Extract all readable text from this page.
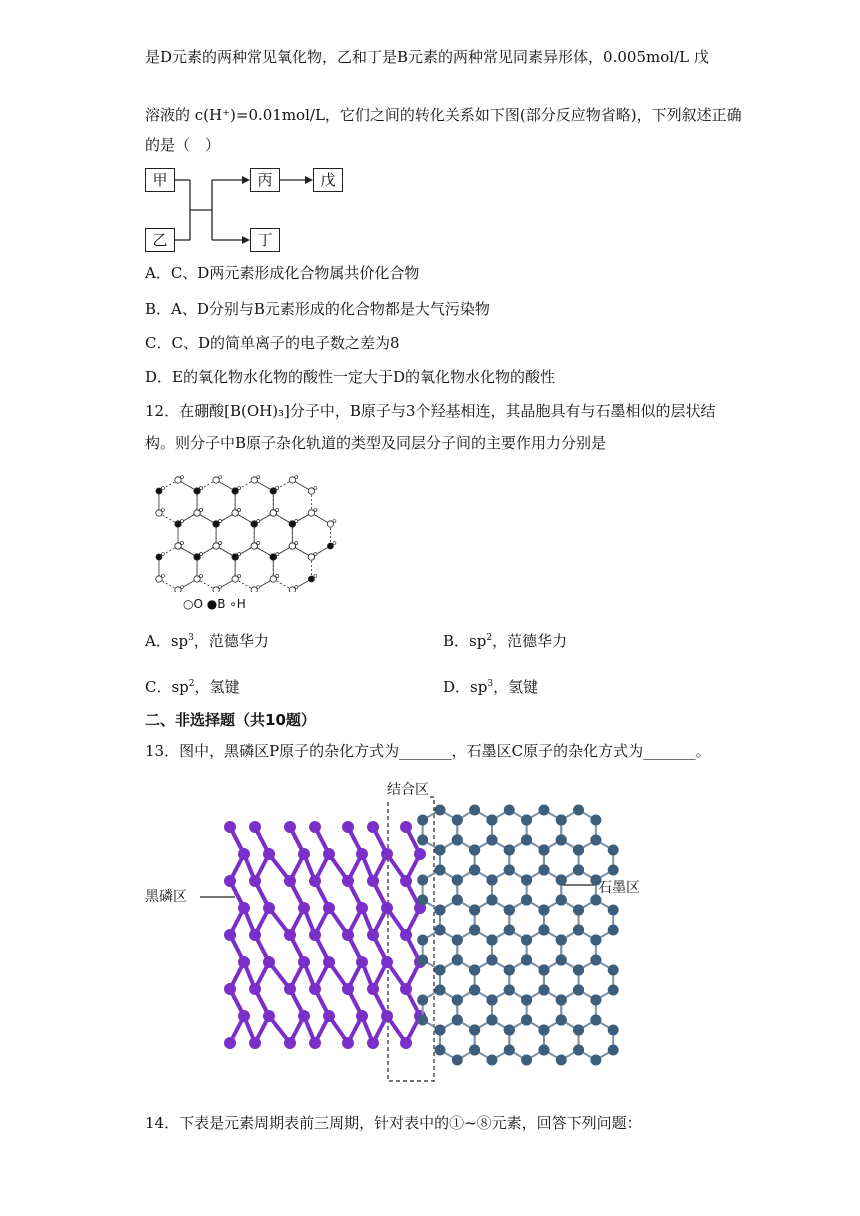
是D元素的两种常见氧化物，乙和丁是B元素的两种常见同素异形体，0.005mol/L 戊
溶液的 c(H⁺)=0.01mol/L，它们之间的转化关系如下图(部分反应物省略)，下列叙述正确
的是（　）
甲
乙
丙	戊
丁
A．C、D两元素形成化合物属共价化合物
B．A、D分别与B元素形成的化合物都是大气污染物
C．C、D的简单离子的电子数之差为8
D．E的氧化物水化物的酸性一定大于D的氧化物水化物的酸性
12．在硼酸[B(OH)₃]分子中，B原子与3个羟基相连，其晶胞具有与石墨相似的层状结
构。则分子中B原子杂化轨道的类型及同层分子间的主要作用力分别是
○O ●B ∘H
A．$sp^3$，范德华力	B．$sp^2$，范德华力
C．$sp^2$，氢键	D．$sp^3$，氢键
二、非选择题（共10题）
13．图中，黑磷区P原子的杂化方式为_______，石墨区C原子的杂化方式为_______。
结合区
黑磷区
石墨区
14．下表是元素周期表前三周期，针对表中的①~⑧元素，回答下列问题：
